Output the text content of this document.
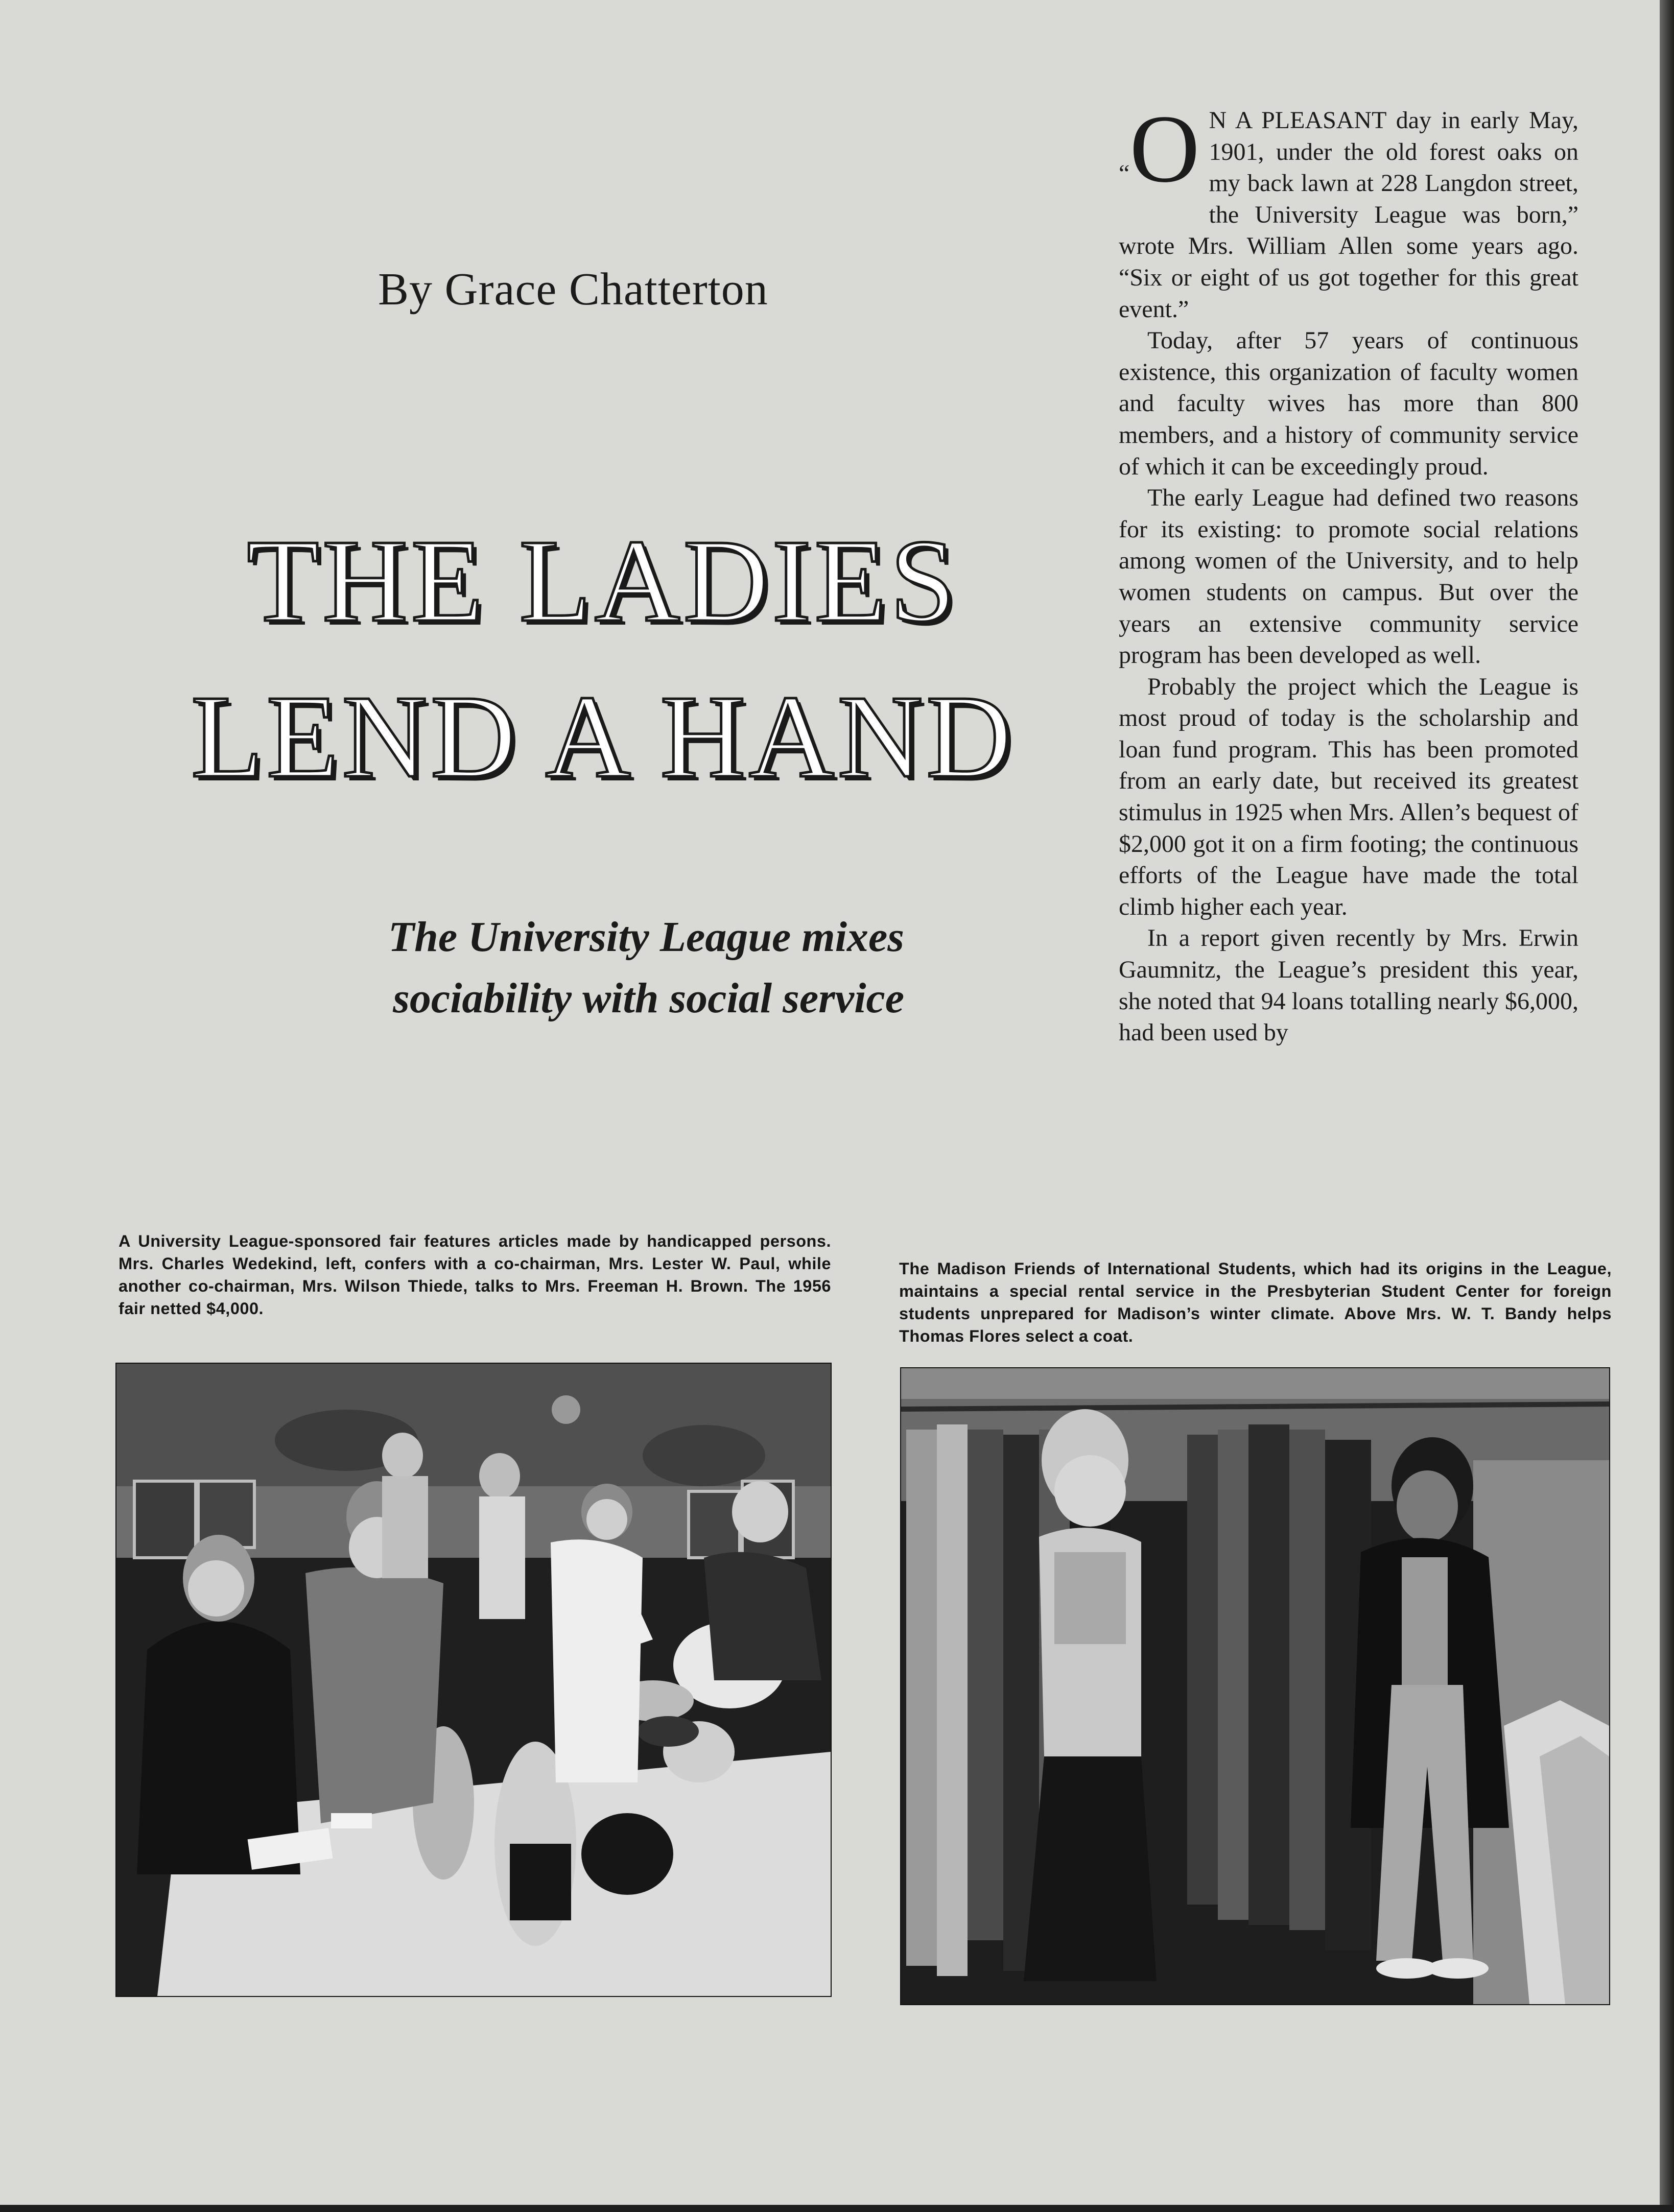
By Grace Chatterton
THE LADIES
LEND A HAND
The University League mixes
sociability with social service

“O N A PLEASANT day in early May, 1901, under the old forest oaks on my back lawn at 228 Langdon street, the University League was born,” wrote Mrs. William Allen some years ago. “Six or eight of us got together for this great event.”

Today, after 57 years of continuous existence, this organization of faculty women and faculty wives has more than 800 members, and a history of community service of which it can be exceedingly proud.

The early League had defined two reasons for its existing: to promote social relations among women of the University, and to help women students on campus. But over the years an extensive community service program has been developed as well.

Probably the project which the League is most proud of today is the scholarship and loan fund program. This has been promoted from an early date, but received its greatest stimulus in 1925 when Mrs. Allen’s bequest of $2,000 got it on a firm footing; the continuous efforts of the League have made the total climb higher each year.

In a report given recently by Mrs. Erwin Gaumnitz, the League’s president this year, she noted that 94 loans totalling nearly $6,000, had been used by

A University League-sponsored fair features articles made by handicapped persons. Mrs. Charles Wedekind, left, confers with a co-chairman, Mrs. Lester W. Paul, while another co-chairman, Mrs. Wilson Thiede, talks to Mrs. Freeman H. Brown. The 1956 fair netted $4,000.
The Madison Friends of International Students, which had its origins in the League, maintains a special rental service in the Presbyterian Student Center for foreign students unprepared for Madison’s winter climate. Above Mrs. W. T. Bandy helps Thomas Flores select a coat.
